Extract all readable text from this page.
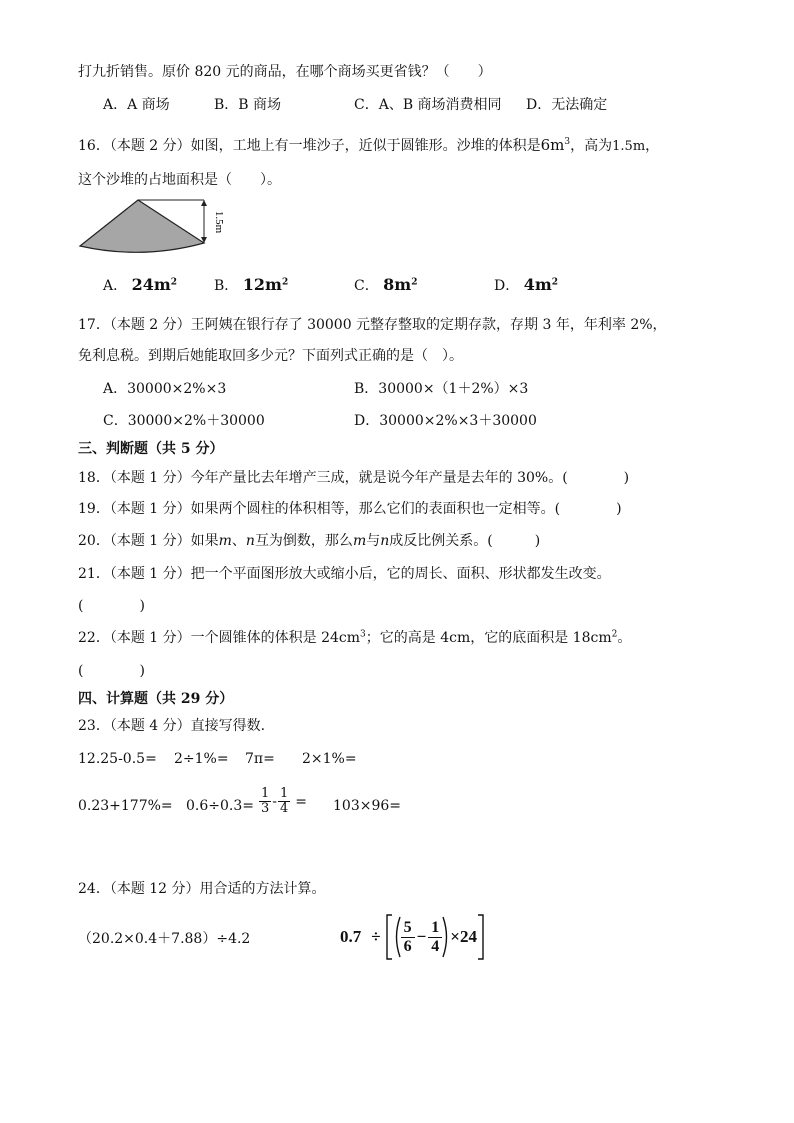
打九折销售。原价 820 元的商品，在哪个商场买更省钱？（　　）
A．A 商场	B．B 商场	C．A、B 商场消费相同 D．无法确定
16．（本题 2 分）如图，工地上有一堆沙子，近似于圆锥形。沙堆的体积是$6m^3$，高为1.5m，
这个沙堆的占地面积是（　　）。
1.5m
A． $24m^2$	B． $12m^2$	C． $8m^2$	D． $4m^2$
17．（本题 2 分）王阿姨在银行存了 30000 元整存整取的定期存款，存期 3 年，年利率 2%，
免利息税。到期后她能取回多少元？下面列式正确的是（　）。
A．30000×2%×3	B．30000×（1＋2%）×3
C．30000×2%＋30000	D．30000×2%×3＋30000
三、判断题（共 5 分）
18．（本题 1 分）今年产量比去年增产三成，就是说今年产量是去年的 30%。(　　　　)
19．（本题 1 分）如果两个圆柱的体积相等，那么它们的表面积也一定相等。(　　　　)
20．（本题 1 分）如果m、n互为倒数，那么m与n成反比例关系。(　　　)
21．（本题 1 分）把一个平面图形放大或缩小后，它的周长、面积、形状都发生改变。
(　　　　)
22．（本题 1 分）一个圆锥体的体积是 $24cm^3$；它的高是 4cm，它的底面积是 $18cm^2$。
(　　　　)
四、计算题（共 29 分）
23．（本题 4 分）直接写得数.
12.25-0.5= 2÷1%= 7π= 2×1%=
$0.23+177\%= 0.6\div 0.3= \frac{1}{3} - \frac{1}{4} = 103\times 96=$
24．（本题 12 分）用合适的方法计算。
（20.2×0.4＋7.88）÷4.2	$0.7 \div \frac{5}{6} - \frac{1}{4} \times 24$
